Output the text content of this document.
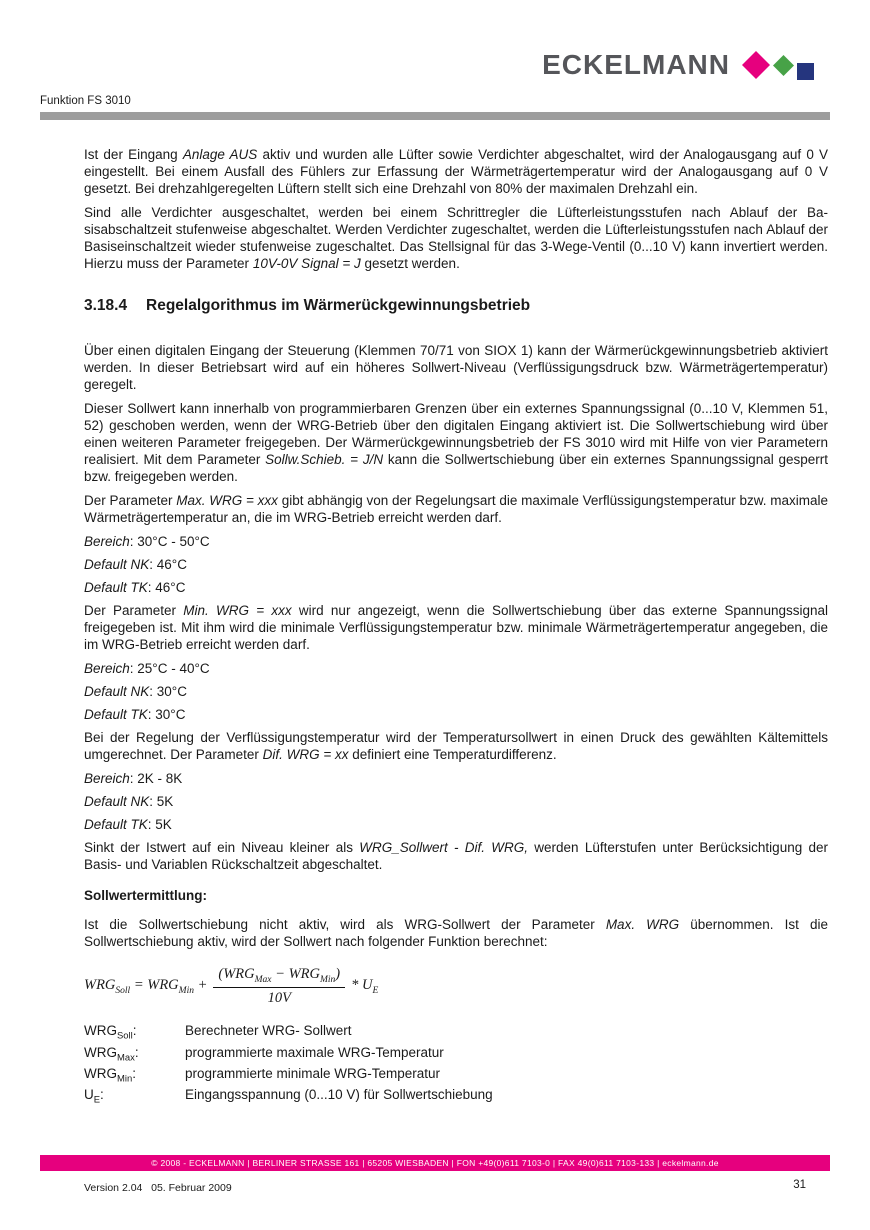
ECKELMANN
Funktion FS 3010

Ist der Eingang Anlage AUS aktiv und wurden alle Lüfter sowie Verdichter abgeschaltet, wird der Analogausgang auf 0 V eingestellt. Bei einem Ausfall des Fühlers zur Erfassung der Wärmeträgertemperatur wird der Analogausgang auf 0 V gesetzt. Bei drehzahlgeregelten Lüftern stellt sich eine Drehzahl von 80% der maximalen Drehzahl ein.

Sind alle Verdichter ausgeschaltet, werden bei einem Schrittregler die Lüfterleistungsstufen nach Ablauf der Basisabschaltzeit stufenweise abgeschaltet. Werden Verdichter zugeschaltet, werden die Lüfterleistungsstufen nach Ablauf der Basiseinschaltzeit wieder stufenweise zugeschaltet. Das Stellsignal für das 3-Wege-Ventil (0...10 V) kann invertiert werden. Hierzu muss der Parameter 10V-0V Signal = J gesetzt werden.

3.18.4	Regelalgorithmus im Wärmerückgewinnungsbetrieb

Über einen digitalen Eingang der Steuerung (Klemmen 70/71 von SIOX 1) kann der Wärmerückgewinnungsbetrieb aktiviert werden. In dieser Betriebsart wird auf ein höheres Sollwert-Niveau (Verflüssigungsdruck bzw. Wärmeträgertemperatur) geregelt.

Dieser Sollwert kann innerhalb von programmierbaren Grenzen über ein externes Spannungssignal (0...10 V, Klemmen 51, 52) geschoben werden, wenn der WRG-Betrieb über den digitalen Eingang aktiviert ist. Die Sollwertschiebung wird über einen weiteren Parameter freigegeben. Der Wärmerückgewinnungsbetrieb der FS 3010 wird mit Hilfe von vier Parametern realisiert. Mit dem Parameter Sollw.Schieb. = J/N kann die Sollwertschiebung über ein externes Spannungssignal gesperrt bzw. freigegeben werden.

Der Parameter Max. WRG = xxx gibt abhängig von der Regelungsart die maximale Verflüssigungstemperatur bzw. maximale Wärmeträgertemperatur an, die im WRG-Betrieb erreicht werden darf.

Bereich: 30°C - 50°C

Default NK: 46°C

Default TK: 46°C

Der Parameter Min. WRG = xxx wird nur angezeigt, wenn die Sollwertschiebung über das externe Spannungssignal freigegeben ist. Mit ihm wird die minimale Verflüssigungstemperatur bzw. minimale Wärmeträgertemperatur angegeben, die im WRG-Betrieb erreicht werden darf.

Bereich: 25°C - 40°C

Default NK: 30°C

Default TK: 30°C

Bei der Regelung der Verflüssigungstemperatur wird der Temperatursollwert in einen Druck des gewählten Kältemittels umgerechnet. Der Parameter Dif. WRG = xx definiert eine Temperaturdifferenz.

Bereich: 2K - 8K

Default NK: 5K

Default TK: 5K

Sinkt der Istwert auf ein Niveau kleiner als WRG_Sollwert - Dif. WRG, werden Lüfterstufen unter Berücksichtigung der Basis- und Variablen Rückschaltzeit abgeschaltet.

Sollwertermittlung:

Ist die Sollwertschiebung nicht aktiv, wird als WRG-Sollwert der Parameter Max. WRG übernommen. Ist die Sollwertschiebung aktiv, wird der Sollwert nach folgender Funktion berechnet:

$WRG_{Soll} = WRG_{Min} + \frac{(WRG_{Max} - WRG_{Min})}{10V} * U_E$
$WRG_{Soll}$:	Berechneter WRG- Sollwert
$WRG_{Max}$:	programmierte maximale WRG-Temperatur
$WRG_{Min}$:	programmierte minimale WRG-Temperatur
$U_E$:	Eingangsspannung (0...10 V) für Sollwertschiebung
© 2008 - ECKELMANN | BERLINER STRASSE 161 | 65205 WIESBADEN | FON +49(0)611 7103-0 | FAX 49(0)611 7103-133 | eckelmann.de
Version 2.04   05. Februar 2009	31
